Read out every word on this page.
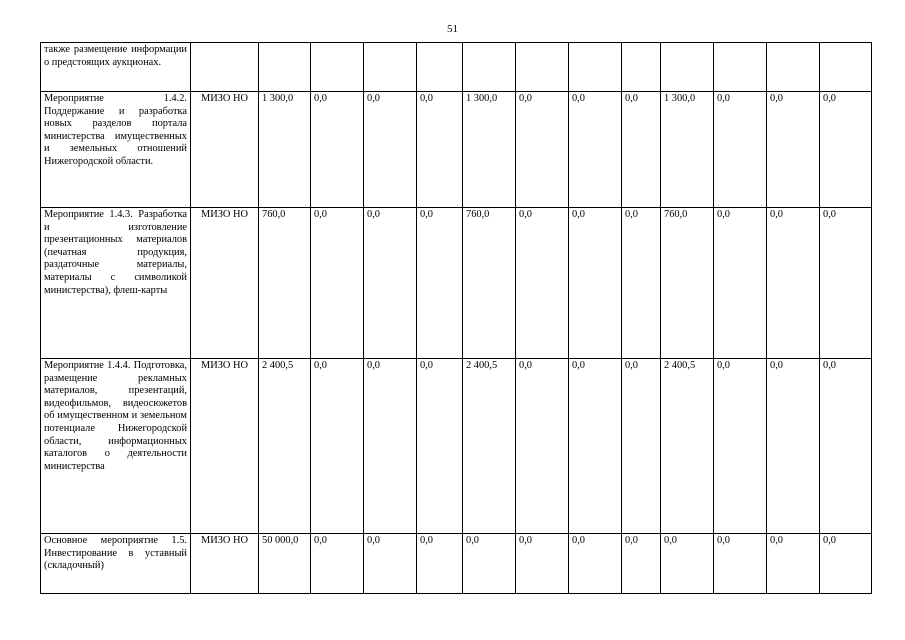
51
также размещение информации о предстоящих аукционах.													
Мероприятие 1.4.2. Поддержание и разработка новых разделов портала министерства имущественных и земельных отношений Нижегородской области.	МИЗО НО	1 300,0	0,0	0,0	0,0	1 300,0	0,0	0,0	0,0	1 300,0	0,0	0,0	0,0
Мероприятие 1.4.3. Разработка и изготовление презентационных материалов (печатная продукция, раздаточные материалы, материалы с символикой министерства), флеш-карты	МИЗО НО	760,0	0,0	0,0	0,0	760,0	0,0	0,0	0,0	760,0	0,0	0,0	0,0
Мероприятие 1.4.4. Подготовка, размещение рекламных материалов, презентаций, видеофильмов, видеосюжетов об имущественном и земельном потенциале Нижегородской области, информационных каталогов о деятельности министерства	МИЗО НО	2 400,5	0,0	0,0	0,0	2 400,5	0,0	0,0	0,0	2 400,5	0,0	0,0	0,0
Основное мероприятие 1.5. Инвестирование в уставный (складочный)	МИЗО НО	50 000,0	0,0	0,0	0,0	0,0	0,0	0,0	0,0	0,0	0,0	0,0	0,0
